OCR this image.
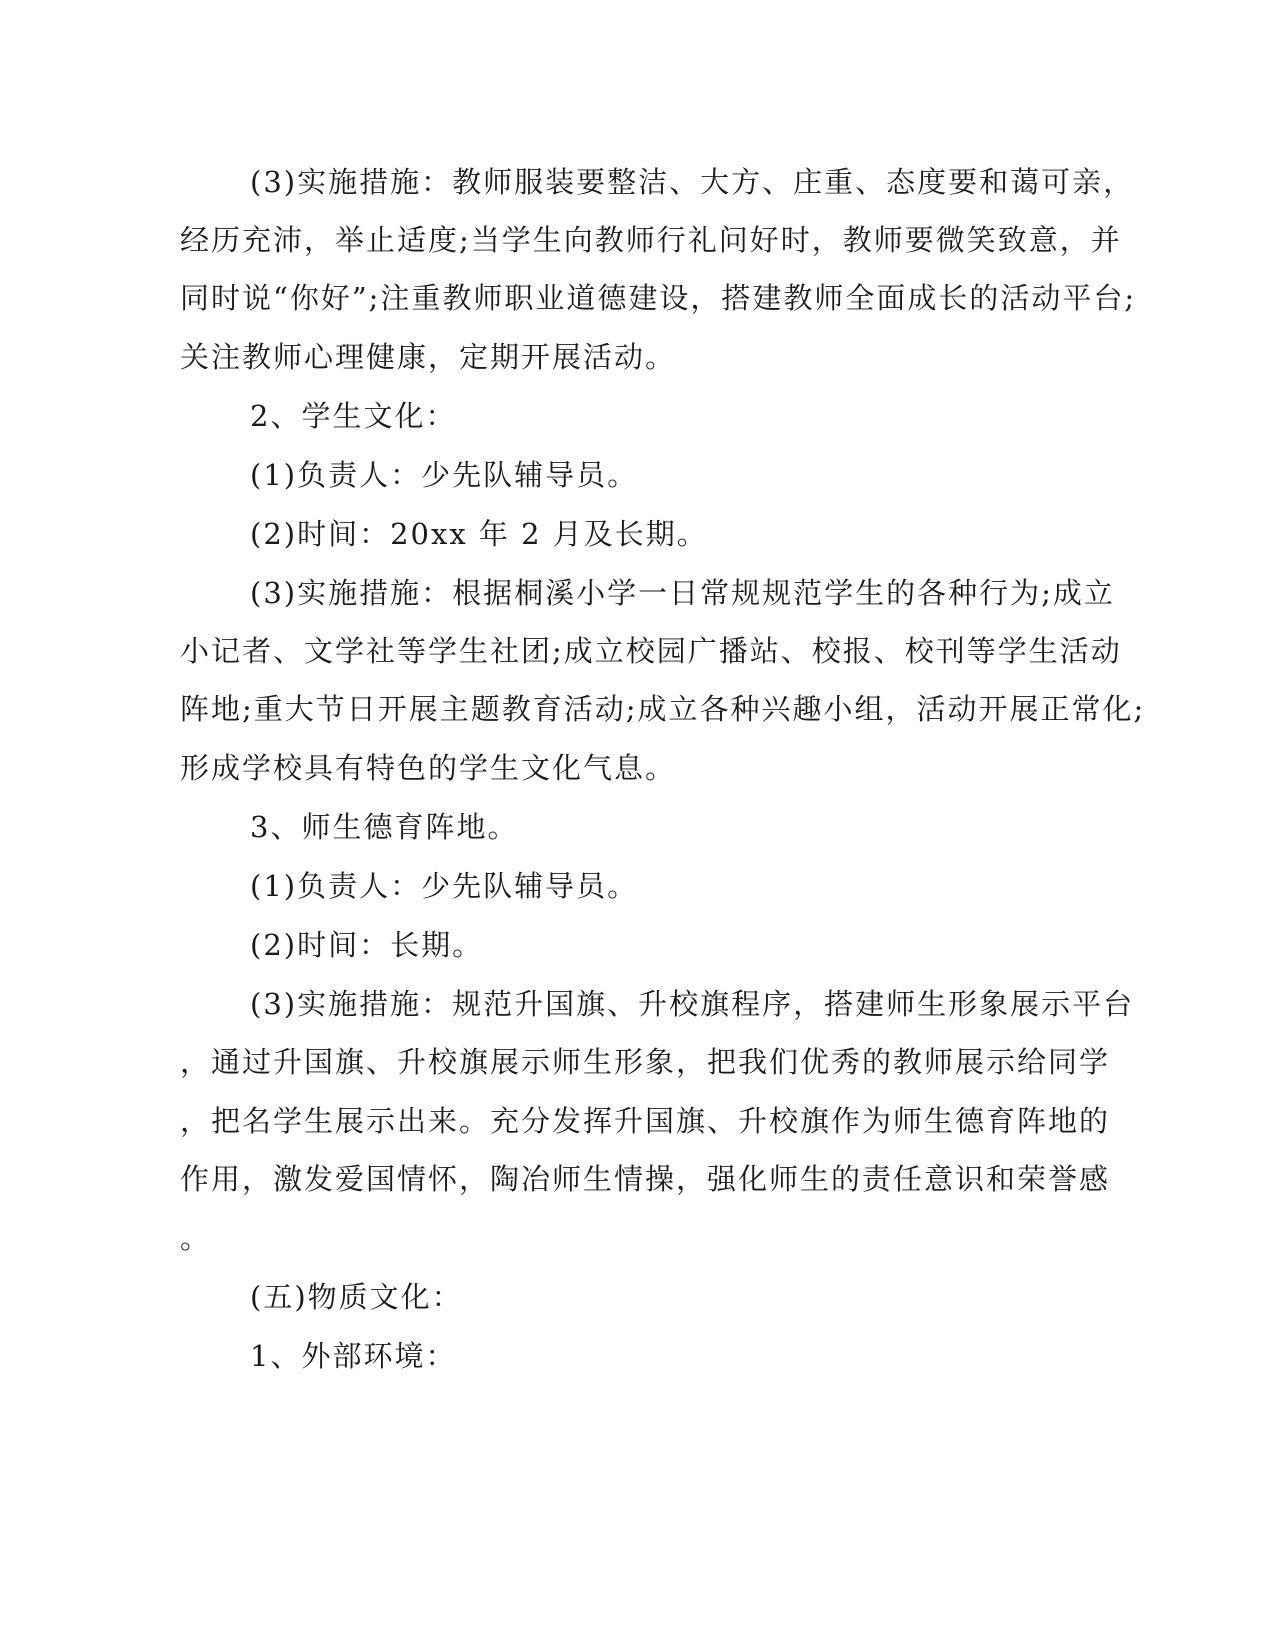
(3)实施措施：教师服装要整洁、大方、庄重、态度要和蔼可亲，
经历充沛，举止适度;当学生向教师行礼问好时，教师要微笑致意，并
同时说“你好”;注重教师职业道德建设，搭建教师全面成长的活动平台;
关注教师心理健康，定期开展活动。
2、学生文化：
(1)负责人：少先队辅导员。
(2)时间：20xx 年 2 月及长期。
(3)实施措施：根据桐溪小学一日常规规范学生的各种行为;成立
小记者、文学社等学生社团;成立校园广播站、校报、校刊等学生活动
阵地;重大节日开展主题教育活动;成立各种兴趣小组，活动开展正常化;
形成学校具有特色的学生文化气息。
3、师生德育阵地。
(1)负责人：少先队辅导员。
(2)时间：长期。
(3)实施措施：规范升国旗、升校旗程序，搭建师生形象展示平台
，通过升国旗、升校旗展示师生形象，把我们优秀的教师展示给同学
，把名学生展示出来。充分发挥升国旗、升校旗作为师生德育阵地的
作用，激发爱国情怀，陶冶师生情操，强化师生的责任意识和荣誉感
。
(五)物质文化：
1、外部环境：
